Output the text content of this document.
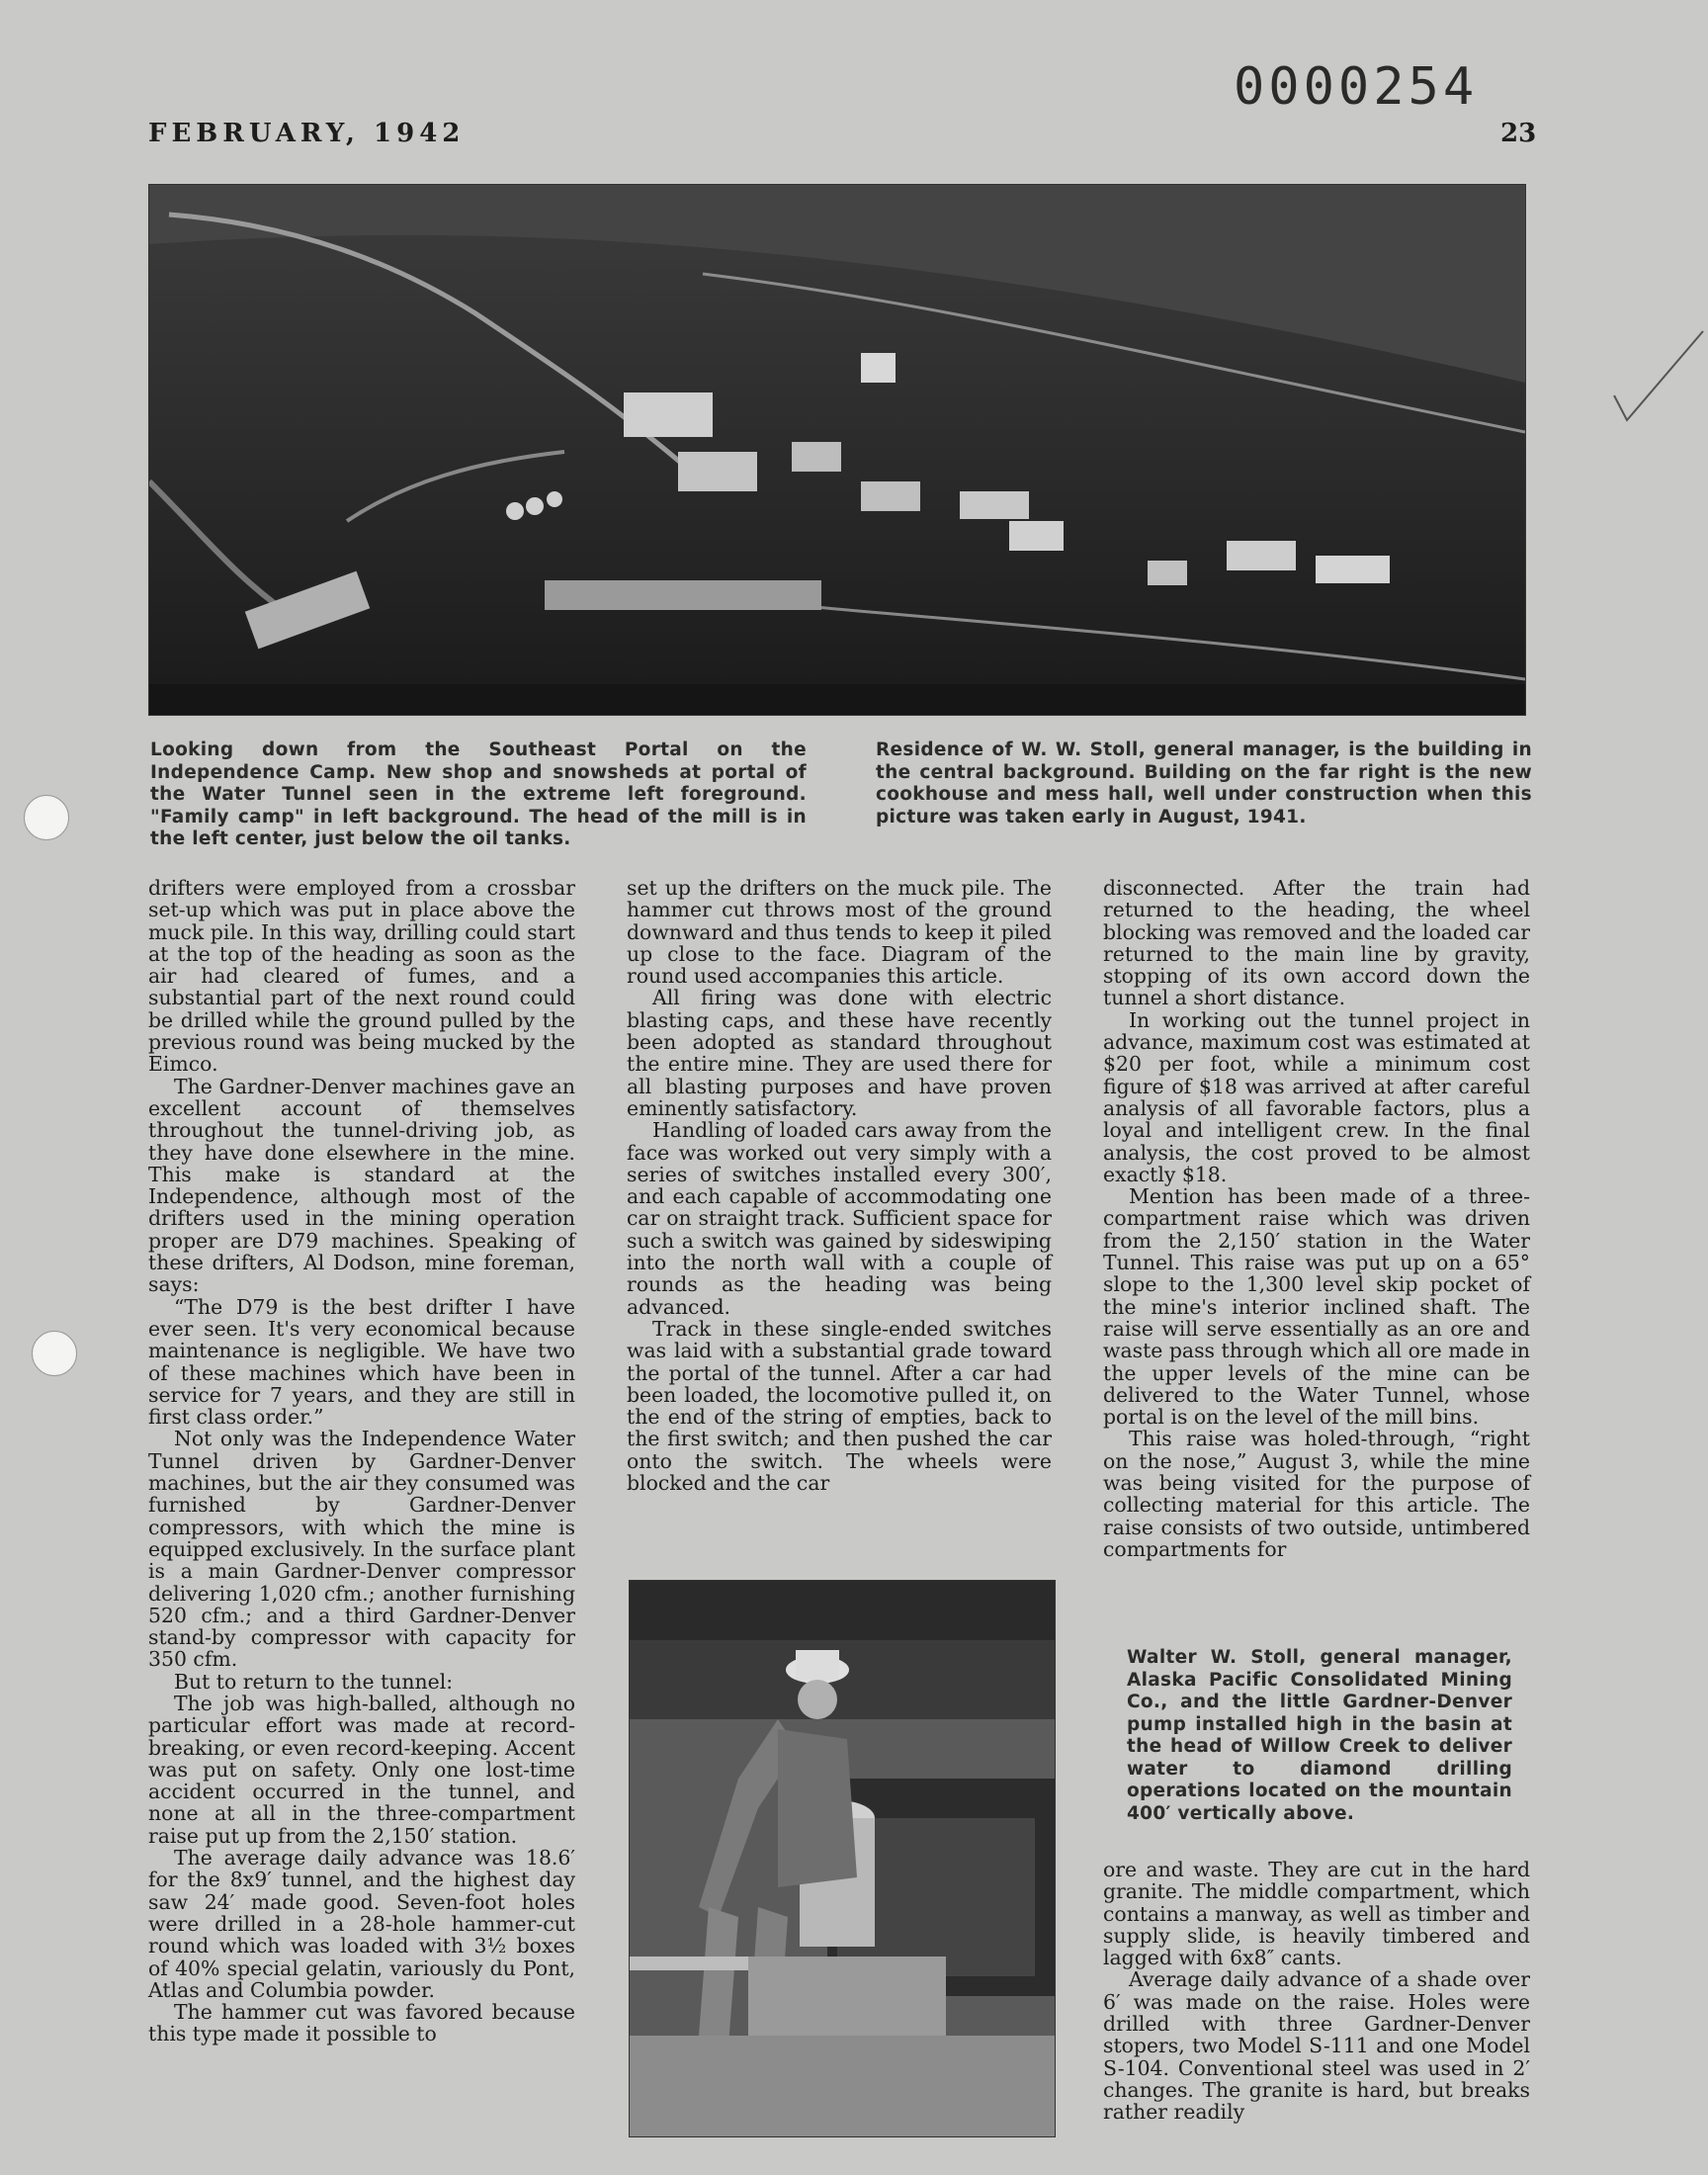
0000254
FEBRUARY, 1942	23
Looking down from the Southeast Portal on the Independence Camp. New shop and snowsheds at portal of the Water Tunnel seen in the extreme left foreground. "Family camp" in left background. The head of the mill is in the left center, just below the oil tanks.
Residence of W. W. Stoll, general manager, is the building in the central background. Building on the far right is the new cookhouse and mess hall, well under construction when this picture was taken early in August, 1941.

drifters were employed from a crossbar set-up which was put in place above the muck pile. In this way, drilling could start at the top of the heading as soon as the air had cleared of fumes, and a substantial part of the next round could be drilled while the ground pulled by the previous round was being mucked by the Eimco.

The Gardner-Denver machines gave an excellent account of themselves throughout the tunnel-driving job, as they have done elsewhere in the mine. This make is standard at the Independence, although most of the drifters used in the mining operation proper are D79 machines. Speaking of these drifters, Al Dodson, mine foreman, says:

“The D79 is the best drifter I have ever seen. It's very economical because maintenance is negligible. We have two of these machines which have been in service for 7 years, and they are still in first class order.”

Not only was the Independence Water Tunnel driven by Gardner-Denver machines, but the air they consumed was furnished by Gardner-Denver compressors, with which the mine is equipped exclusively. In the surface plant is a main Gardner-Denver compressor delivering 1,020 cfm.; another furnishing 520 cfm.; and a third Gardner-Denver stand-by compressor with capacity for 350 cfm.

But to return to the tunnel:

The job was high-balled, although no particular effort was made at record-breaking, or even record-keeping. Accent was put on safety. Only one lost-time accident occurred in the tunnel, and none at all in the three-compartment raise put up from the 2,150′ station.

The average daily advance was 18.6′ for the 8x9′ tunnel, and the highest day saw 24′ made good. Seven-foot holes were drilled in a 28-hole hammer-cut round which was loaded with 3½ boxes of 40% special gelatin, variously du Pont, Atlas and Columbia powder.

The hammer cut was favored because this type made it possible to

set up the drifters on the muck pile. The hammer cut throws most of the ground downward and thus tends to keep it piled up close to the face. Diagram of the round used accompanies this article.

All firing was done with electric blasting caps, and these have recently been adopted as standard throughout the entire mine. They are used there for all blasting purposes and have proven eminently satisfactory.

Handling of loaded cars away from the face was worked out very simply with a series of switches installed every 300′, and each capable of accommodating one car on straight track. Sufficient space for such a switch was gained by sideswiping into the north wall with a couple of rounds as the heading was being advanced.

Track in these single-ended switches was laid with a substantial grade toward the portal of the tunnel. After a car had been loaded, the locomotive pulled it, on the end of the string of empties, back to the first switch; and then pushed the car onto the switch. The wheels were blocked and the car

Walter W. Stoll, general manager, Alaska Pacific Consolidated Mining Co., and the little Gardner-Denver pump installed high in the basin at the head of Willow Creek to deliver water to diamond drilling operations located on the mountain 400′ vertically above.

disconnected. After the train had returned to the heading, the wheel blocking was removed and the loaded car returned to the main line by gravity, stopping of its own accord down the tunnel a short distance.

In working out the tunnel project in advance, maximum cost was estimated at $20 per foot, while a minimum cost figure of $18 was arrived at after careful analysis of all favorable factors, plus a loyal and intelligent crew. In the final analysis, the cost proved to be almost exactly $18.

Mention has been made of a three-compartment raise which was driven from the 2,150′ station in the Water Tunnel. This raise was put up on a 65° slope to the 1,300 level skip pocket of the mine's interior inclined shaft. The raise will serve essentially as an ore and waste pass through which all ore made in the upper levels of the mine can be delivered to the Water Tunnel, whose portal is on the level of the mill bins.

This raise was holed-through, “right on the nose,” August 3, while the mine was being visited for the purpose of collecting material for this article. The raise consists of two outside, untimbered compartments for

ore and waste. They are cut in the hard granite. The middle compartment, which contains a manway, as well as timber and supply slide, is heavily timbered and lagged with 6x8″ cants.

Average daily advance of a shade over 6′ was made on the raise. Holes were drilled with three Gardner-Denver stopers, two Model S-111 and one Model S-104. Conventional steel was used in 2′ changes. The granite is hard, but breaks rather readily
